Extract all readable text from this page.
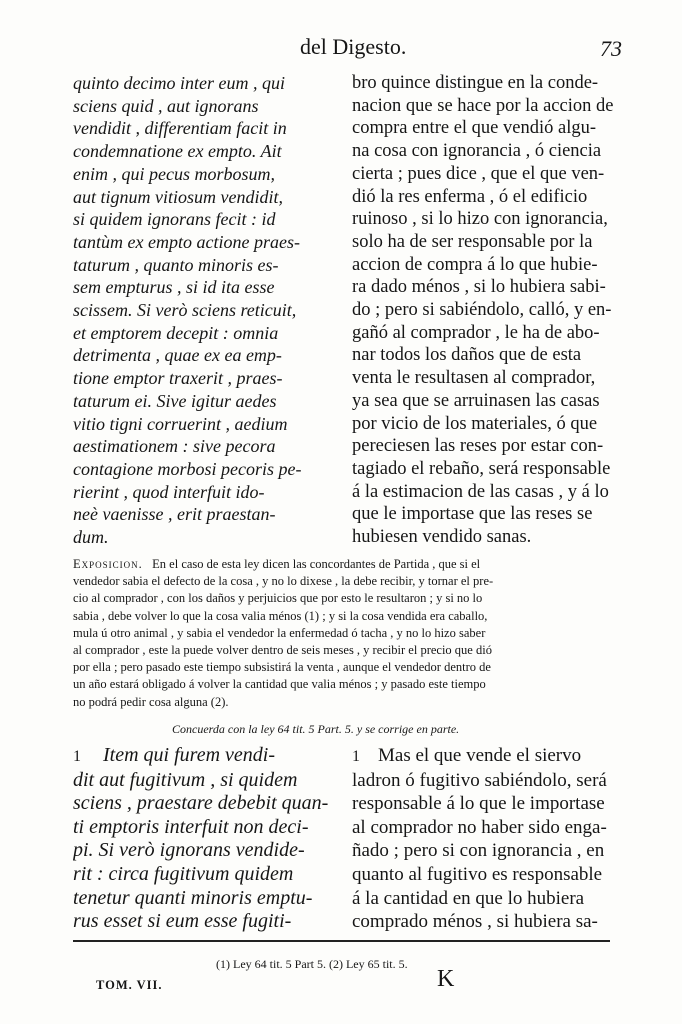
del Digesto.	73
quinto decimo inter eum , qui
sciens quid , aut ignorans
vendidit , differentiam facit in
condemnatione ex empto. Ait
enim , qui pecus morbosum,
aut tignum vitiosum vendidit,
si quidem ignorans fecit : id
tantùm ex empto actione praes-
taturum , quanto minoris es-
sem empturus , si id ita esse
scissem. Si verò sciens reticuit,
et emptorem decepit : omnia
detrimenta , quae ex ea emp-
tione emptor traxerit , praes-
taturum ei. Sive igitur aedes
vitio tigni corruerint , aedium
aestimationem : sive pecora
contagione morbosi pecoris pe-
rierint , quod interfuit ido-
neè vaenisse , erit praestan-
dum.
bro quince distingue en la conde-
nacion que se hace por la accion de
compra entre el que vendió algu-
na cosa con ignorancia , ó ciencia
cierta ; pues dice , que el que ven-
dió la res enferma , ó el edificio
ruinoso , si lo hizo con ignorancia,
solo ha de ser responsable por la
accion de compra á lo que hubie-
ra dado ménos , si lo hubiera sabi-
do ; pero si sabiéndolo, calló, y en-
gañó al comprador , le ha de abo-
nar todos los daños que de esta
venta le resultasen al comprador,
ya sea que se arruinasen las casas
por vicio de los materiales, ó que
pereciesen las reses por estar con-
tagiado el rebaño, será responsable
á la estimacion de las casas , y á lo
que le importase que las reses se
hubiesen vendido sanas.
Exposicion. En el caso de esta ley dicen las concordantes de Partida , que si el
vendedor sabia el defecto de la cosa , y no lo dixese , la debe recibir, y tornar el pre-
cio al comprador , con los daños y perjuicios que por esto le resultaron ; y si no lo
sabia , debe volver lo que la cosa valia ménos (1) ; y si la cosa vendida era caballo,
mula ú otro animal , y sabia el vendedor la enfermedad ó tacha , y no lo hizo saber
al comprador , este la puede volver dentro de seis meses , y recibir el precio que dió
por ella ; pero pasado este tiempo subsistirá la venta , aunque el vendedor dentro de
un año estará obligado á volver la cantidad que valia ménos ; y pasado este tiempo
no podrá pedir cosa alguna (2).
Concuerda con la ley 64 tit. 5 Part. 5. y se corrige en parte.
1 Item qui furem vendi-
dit aut fugitivum , si quidem
sciens , praestare debebit quan-
ti emptoris interfuit non deci-
pi. Si verò ignorans vendide-
rit : circa fugitivum quidem
tenetur quanti minoris emptu-
rus esset si eum esse fugiti-
1 Mas el que vende el siervo
ladron ó fugitivo sabiéndolo, será
responsable á lo que le importase
al comprador no haber sido enga-
ñado ; pero si con ignorancia , en
quanto al fugitivo es responsable
á la cantidad en que lo hubiera
comprado ménos , si hubiera sa-
(1) Ley 64 tit. 5 Part 5. (2) Ley 65 tit. 5.
TOM. VII.	K
